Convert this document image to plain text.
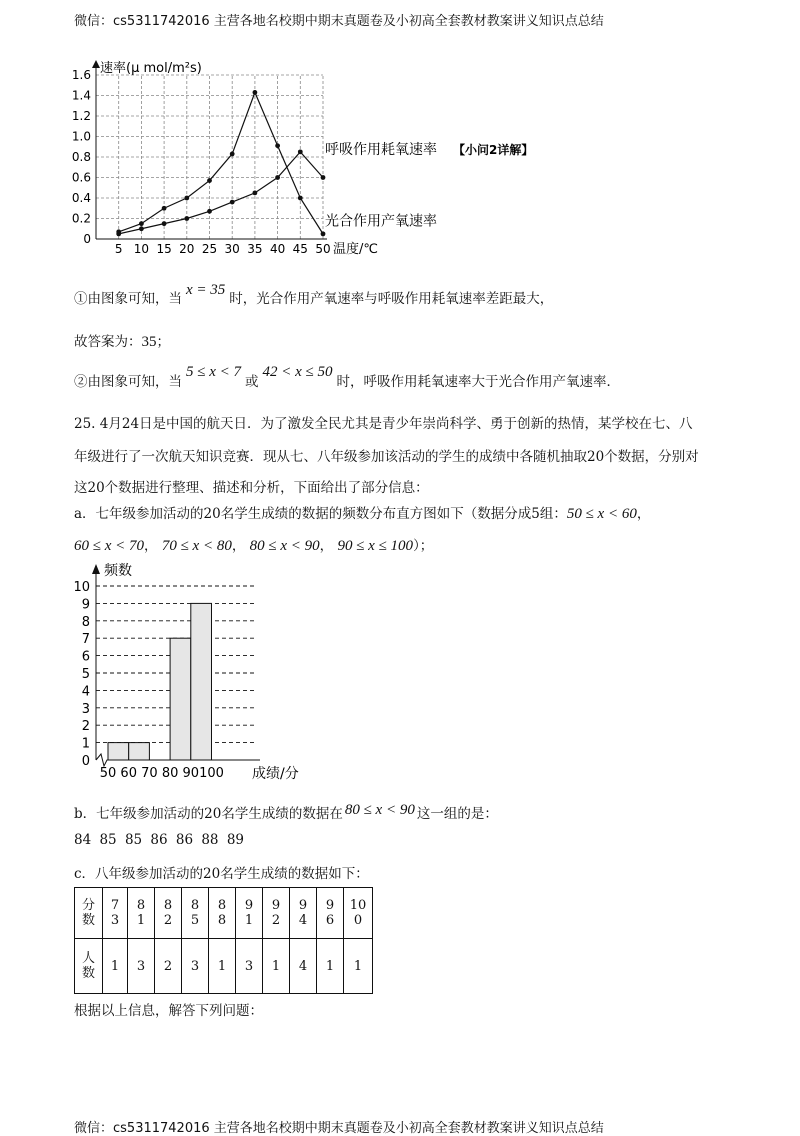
微信：cs5311742016 主营各地名校期中期末真题卷及小初高全套教材教案讲义知识点总结
0
0.2
0.4
0.6
0.8
1.0
1.2
1.4
1.6
5 10 15 20 25 30 35 40 45 50
速率(μ mol/m²s)
温度/℃
呼吸作用耗氧速率 【小问2详解】
光合作用产氧速率
①由图象可知，当x = 35时，光合作用产氧速率与呼吸作用耗氧速率差距最大，
故答案为：35；
②由图象可知，当5 ≤ x < 7或42 < x ≤ 50时，呼吸作用耗氧速率大于光合作用产氧速率．
25. 4月24日是中国的航天日．为了激发全民尤其是青少年崇尚科学、勇于创新的热情，某学校在七、八
年级进行了一次航天知识竞赛．现从七、八年级参加该活动的学生的成绩中各随机抽取20个数据，分别对
这20个数据进行整理、描述和分析，下面给出了部分信息：
a．七年级参加活动的20名学生成绩的数据的频数分布直方图如下（数据分成5组：50 ≤ x < 60，
60 ≤ x < 70， 70 ≤ x < 80， 80 ≤ x < 90， 90 ≤ x ≤ 100）；
0
1
2
3
4
5
6
7
8
9
10
频数
50 60 70 80 90 100 成绩/分
b．七年级参加活动的20名学生成绩的数据在 80 ≤ x < 90 这一组的是：
84 85 85 86 86 88 89
c．八年级参加活动的20名学生成绩的数据如下：
分数	73	81	82	85	88	91	92	94	96	100
人数	1	3	2	3	1	3	1	4	1	1
根据以上信息，解答下列问题：
微信：cs5311742016 主营各地名校期中期末真题卷及小初高全套教材教案讲义知识点总结
